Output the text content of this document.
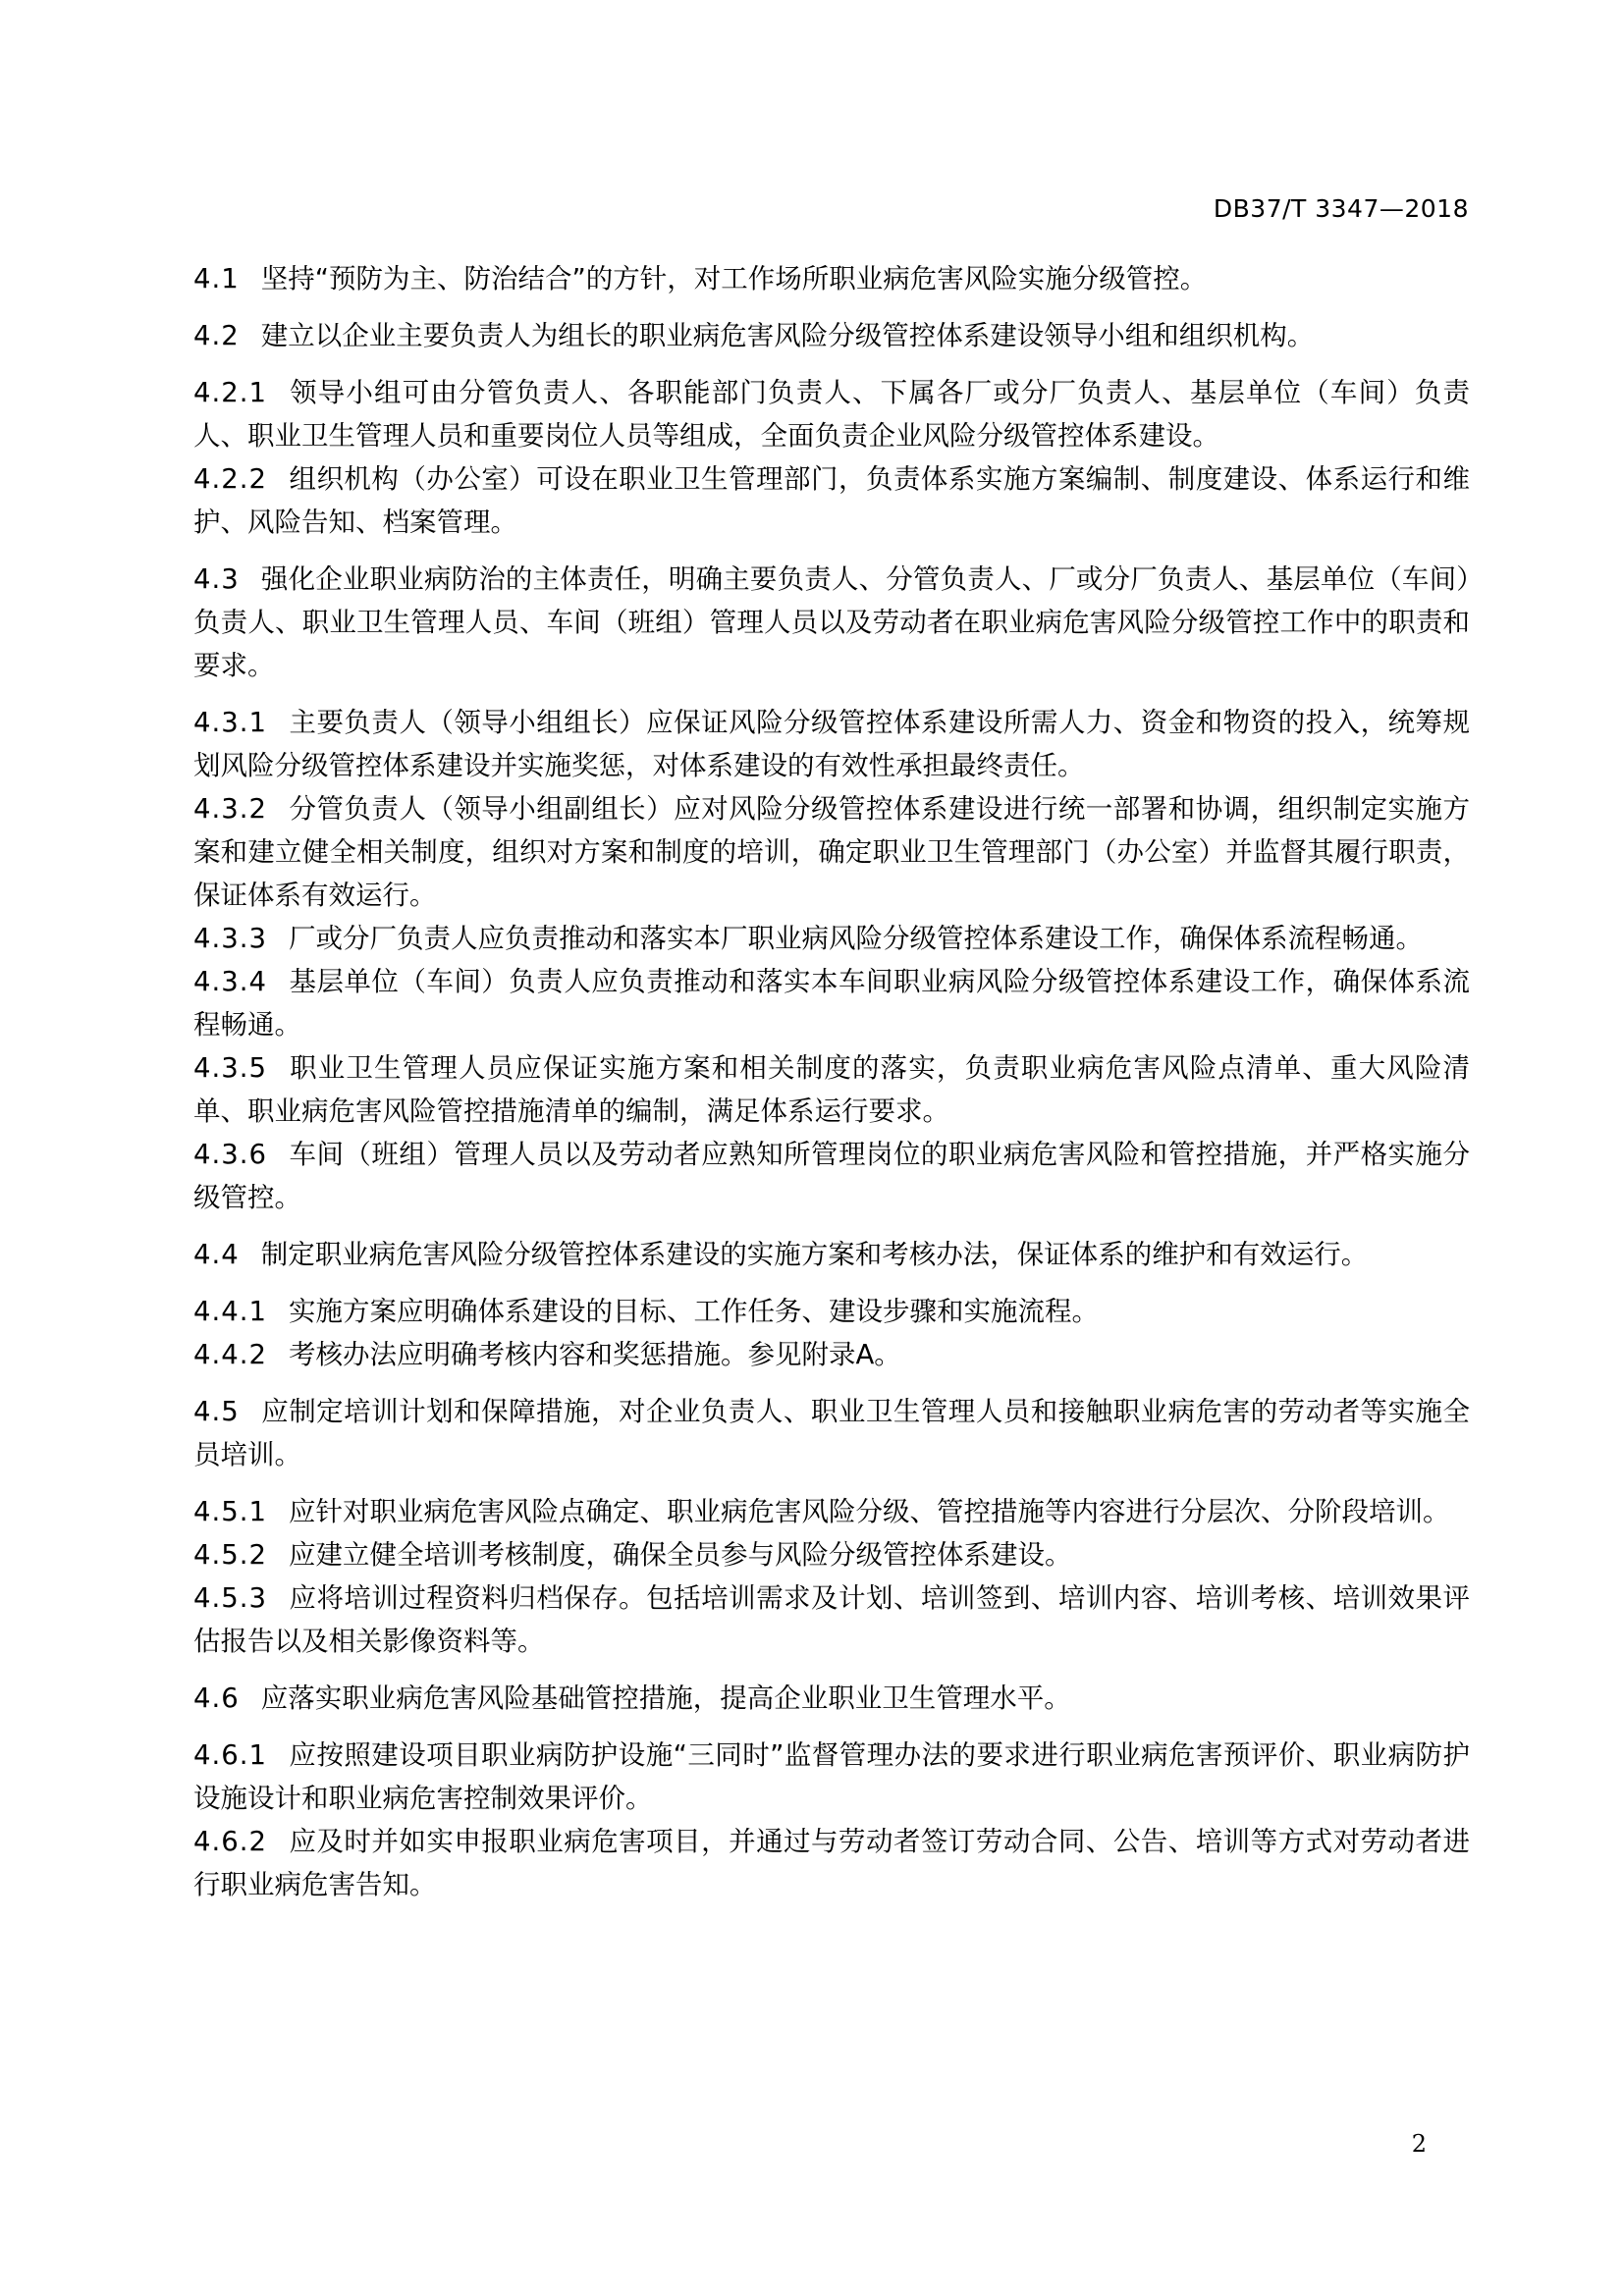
DB37/T 3347—2018

4.1 坚持“预防为主、防治结合”的方针，对工作场所职业病危害风险实施分级管控。

4.2 建立以企业主要负责人为组长的职业病危害风险分级管控体系建设领导小组和组织机构。

4.2.1 领导小组可由分管负责人、各职能部门负责人、下属各厂或分厂负责人、基层单位（车间）负责人、职业卫生管理人员和重要岗位人员等组成，全面负责企业风险分级管控体系建设。

4.2.2 组织机构（办公室）可设在职业卫生管理部门，负责体系实施方案编制、制度建设、体系运行和维护、风险告知、档案管理。

4.3 强化企业职业病防治的主体责任，明确主要负责人、分管负责人、厂或分厂负责人、基层单位（车间）负责人、职业卫生管理人员、车间（班组）管理人员以及劳动者在职业病危害风险分级管控工作中的职责和要求。

4.3.1 主要负责人（领导小组组长）应保证风险分级管控体系建设所需人力、资金和物资的投入，统筹规划风险分级管控体系建设并实施奖惩，对体系建设的有效性承担最终责任。

4.3.2 分管负责人（领导小组副组长）应对风险分级管控体系建设进行统一部署和协调，组织制定实施方案和建立健全相关制度，组织对方案和制度的培训，确定职业卫生管理部门（办公室）并监督其履行职责，保证体系有效运行。

4.3.3 厂或分厂负责人应负责推动和落实本厂职业病风险分级管控体系建设工作，确保体系流程畅通。

4.3.4 基层单位（车间）负责人应负责推动和落实本车间职业病风险分级管控体系建设工作，确保体系流程畅通。

4.3.5 职业卫生管理人员应保证实施方案和相关制度的落实，负责职业病危害风险点清单、重大风险清单、职业病危害风险管控措施清单的编制，满足体系运行要求。

4.3.6 车间（班组）管理人员以及劳动者应熟知所管理岗位的职业病危害风险和管控措施，并严格实施分级管控。

4.4 制定职业病危害风险分级管控体系建设的实施方案和考核办法，保证体系的维护和有效运行。

4.4.1 实施方案应明确体系建设的目标、工作任务、建设步骤和实施流程。

4.4.2 考核办法应明确考核内容和奖惩措施。参见附录A。

4.5 应制定培训计划和保障措施，对企业负责人、职业卫生管理人员和接触职业病危害的劳动者等实施全员培训。

4.5.1 应针对职业病危害风险点确定、职业病危害风险分级、管控措施等内容进行分层次、分阶段培训。

4.5.2 应建立健全培训考核制度，确保全员参与风险分级管控体系建设。

4.5.3 应将培训过程资料归档保存。包括培训需求及计划、培训签到、培训内容、培训考核、培训效果评估报告以及相关影像资料等。

4.6 应落实职业病危害风险基础管控措施，提高企业职业卫生管理水平。

4.6.1 应按照建设项目职业病防护设施“三同时”监督管理办法的要求进行职业病危害预评价、职业病防护设施设计和职业病危害控制效果评价。

4.6.2 应及时并如实申报职业病危害项目，并通过与劳动者签订劳动合同、公告、培训等方式对劳动者进行职业病危害告知。

2
